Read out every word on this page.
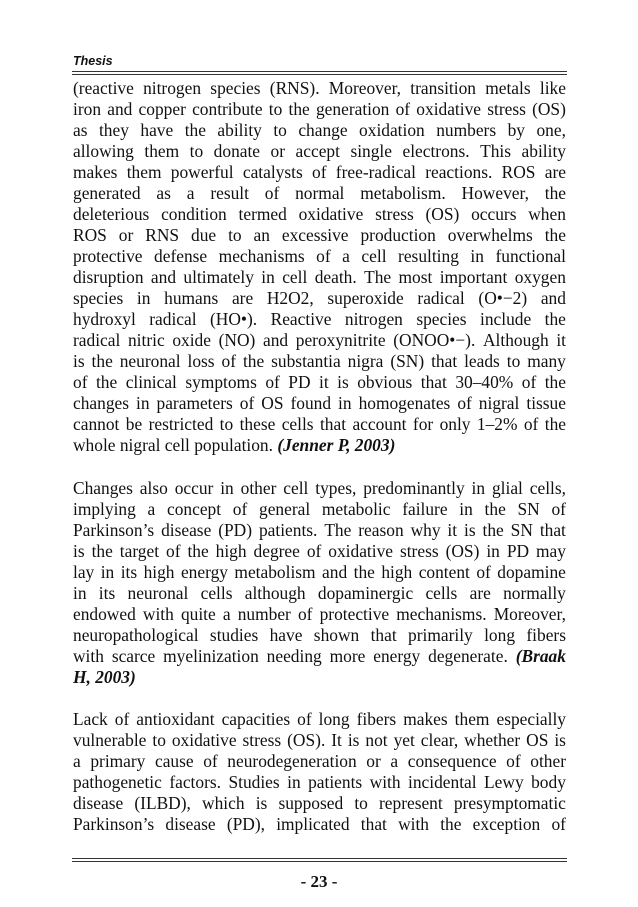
Thesis
(reactive nitrogen species (RNS). Moreover, transition metals like
iron and copper contribute to the generation of oxidative stress (OS)
as they have the ability to change oxidation numbers by one,
allowing them to donate or accept single electrons. This ability
makes them powerful catalysts of free-radical reactions. ROS are
generated as a result of normal metabolism. However, the
deleterious condition termed oxidative stress (OS) occurs when
ROS or RNS due to an excessive production overwhelms the
protective defense mechanisms of a cell resulting in functional
disruption and ultimately in cell death. The most important oxygen
species in humans are H2O2, superoxide radical (O•−2) and
hydroxyl radical (HO•). Reactive nitrogen species include the
radical nitric oxide (NO) and peroxynitrite (ONOO•−). Although it
is the neuronal loss of the substantia nigra (SN) that leads to many
of the clinical symptoms of PD it is obvious that 30–40% of the
changes in parameters of OS found in homogenates of nigral tissue
cannot be restricted to these cells that account for only 1–2% of the
whole nigral cell population. (Jenner P, 2003)
Changes also occur in other cell types, predominantly in glial cells,
implying a concept of general metabolic failure in the SN of
Parkinson’s disease (PD) patients. The reason why it is the SN that
is the target of the high degree of oxidative stress (OS) in PD may
lay in its high energy metabolism and the high content of dopamine
in its neuronal cells although dopaminergic cells are normally
endowed with quite a number of protective mechanisms. Moreover,
neuropathological studies have shown that primarily long fibers
with scarce myelinization needing more energy degenerate. (Braak
H, 2003)
Lack of antioxidant capacities of long fibers makes them especially
vulnerable to oxidative stress (OS). It is not yet clear, whether OS is
a primary cause of neurodegeneration or a consequence of other
pathogenetic factors. Studies in patients with incidental Lewy body
disease (ILBD), which is supposed to represent presymptomatic
Parkinson’s disease (PD), implicated that with the exception of
- 23 -
